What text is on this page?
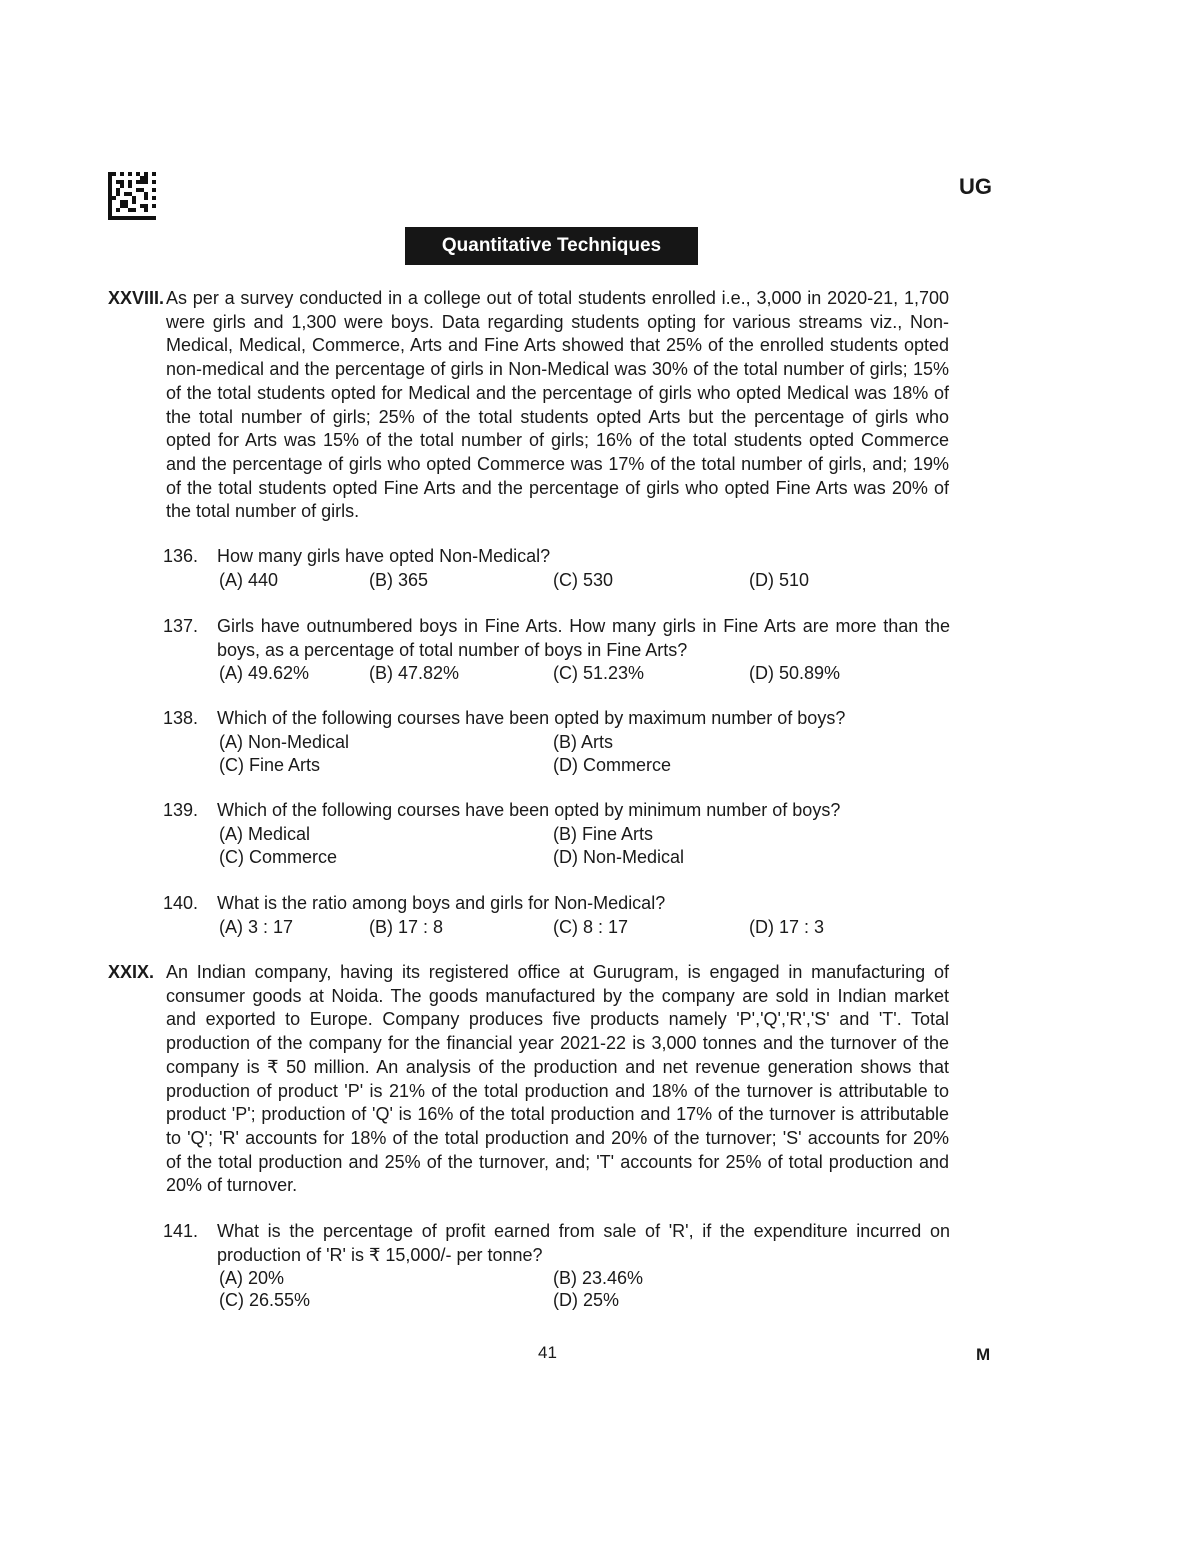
UG
Quantitative Techniques
XXVIII. As per a survey conducted in a college out of total students enrolled i.e., 3,000 in 2020-21, 1,700 were girls and 1,300 were boys. Data regarding students opting for various streams viz., Non-Medical, Medical, Commerce, Arts and Fine Arts showed that 25% of the enrolled students opted non-medical and the percentage of girls in Non-Medical was 30% of the total number of girls; 15% of the total students opted for Medical and the percentage of girls who opted Medical was 18% of the total number of girls; 25% of the total students opted Arts but the percentage of girls who opted for Arts was 15% of the total number of girls; 16% of the total students opted Commerce and the percentage of girls who opted Commerce was 17% of the total number of girls, and; 19% of the total students opted Fine Arts and the percentage of girls who opted Fine Arts was 20% of the total number of girls.
136. How many girls have opted Non-Medical?
(A) 440	(B) 365	(C) 530	(D) 510
137. Girls have outnumbered boys in Fine Arts. How many girls in Fine Arts are more than the boys, as a percentage of total number of boys in Fine Arts?
(A) 49.62%	(B) 47.82%	(C) 51.23%	(D) 50.89%
138. Which of the following courses have been opted by maximum number of boys?
(A) Non-Medical	(B) Arts
(C) Fine Arts	(D) Commerce
139. Which of the following courses have been opted by minimum number of boys?
(A) Medical	(B) Fine Arts
(C) Commerce	(D) Non-Medical
140. What is the ratio among boys and girls for Non-Medical?
(A) 3 : 17	(B) 17 : 8	(C) 8 : 17	(D) 17 : 3
XXIX. An Indian company, having its registered office at Gurugram, is engaged in manufacturing of consumer goods at Noida. The goods manufactured by the company are sold in Indian market and exported to Europe. Company produces five products namely 'P','Q','R','S' and 'T'. Total production of the company for the financial year 2021-22 is 3,000 tonnes and the turnover of the company is ₹ 50 million. An analysis of the production and net revenue generation shows that production of product 'P' is 21% of the total production and 18% of the turnover is attributable to product 'P'; production of 'Q' is 16% of the total production and 17% of the turnover is attributable to 'Q'; 'R' accounts for 18% of the total production and 20% of the turnover; 'S' accounts for 20% of the total production and 25% of the turnover, and; 'T' accounts for 25% of total production and 20% of turnover.
141. What is the percentage of profit earned from sale of 'R', if the expenditure incurred on production of 'R' is ₹ 15,000/- per tonne?
(A) 20%	(B) 23.46%
(C) 26.55%	(D) 25%
41	M
